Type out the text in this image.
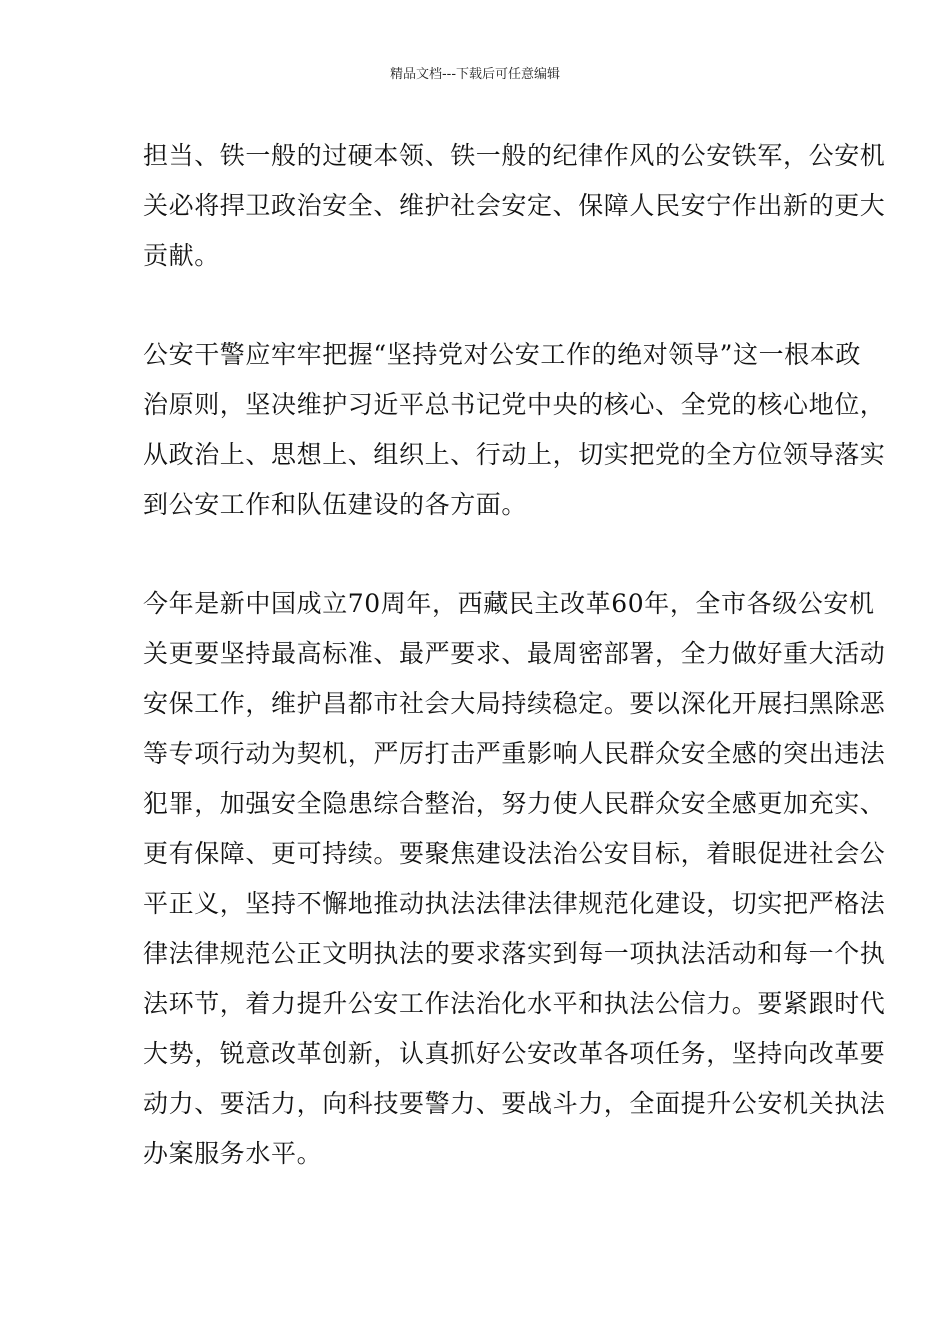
精品文档---下载后可任意编辑
担当、铁一般的过硬本领、铁一般的纪律作风的公安铁军，公安机
关必将捍卫政治安全、维护社会安定、保障人民安宁作出新的更大
贡献。
公安干警应牢牢把握“坚持党对公安工作的绝对领导”这一根本政
治原则，坚决维护习近平总书记党中央的核心、全党的核心地位，
从政治上、思想上、组织上、行动上，切实把党的全方位领导落实
到公安工作和队伍建设的各方面。
今年是新中国成立70周年，西藏民主改革60年，全市各级公安机
关更要坚持最高标准、最严要求、最周密部署，全力做好重大活动
安保工作，维护昌都市社会大局持续稳定。要以深化开展扫黑除恶
等专项行动为契机，严厉打击严重影响人民群众安全感的突出违法
犯罪，加强安全隐患综合整治，努力使人民群众安全感更加充实、
更有保障、更可持续。要聚焦建设法治公安目标，着眼促进社会公
平正义，坚持不懈地推动执法法律法律规范化建设，切实把严格法
律法律规范公正文明执法的要求落实到每一项执法活动和每一个执
法环节，着力提升公安工作法治化水平和执法公信力。要紧跟时代
大势，锐意改革创新，认真抓好公安改革各项任务，坚持向改革要
动力、要活力，向科技要警力、要战斗力，全面提升公安机关执法
办案服务水平。
